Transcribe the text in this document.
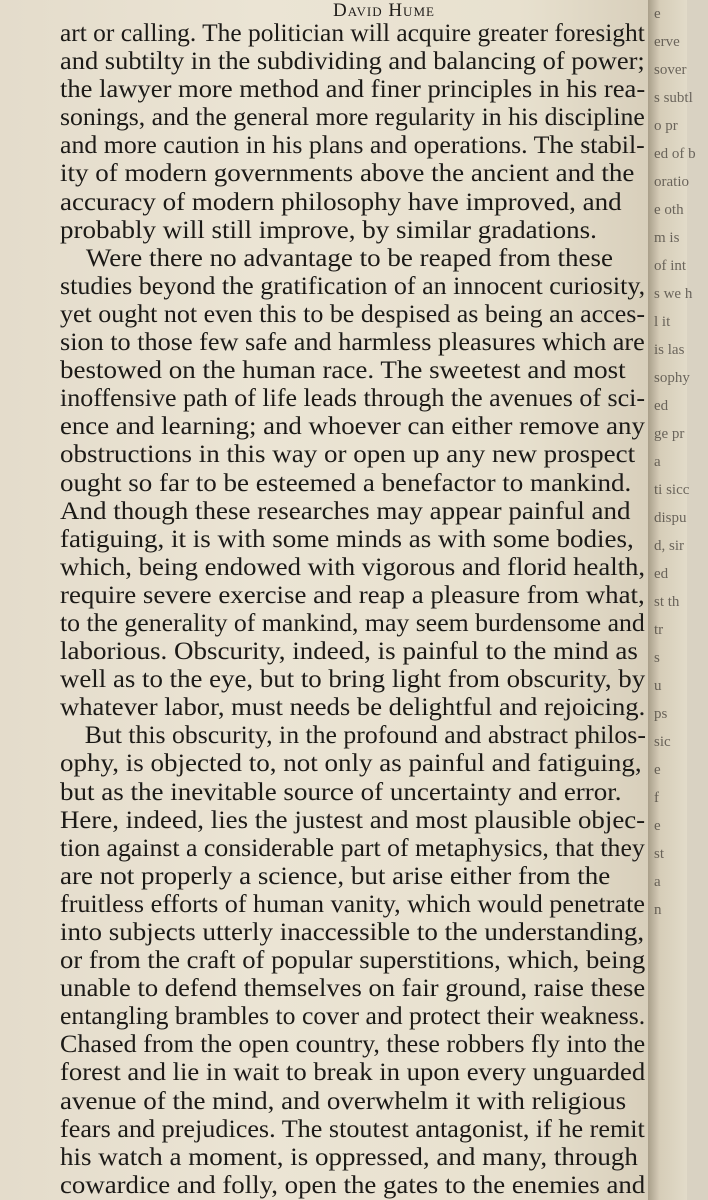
David Hume
art or calling. The politician will acquire greater foresight
and subtilty in the subdividing and balancing of power;
the lawyer more method and finer principles in his rea-
sonings, and the general more regularity in his discipline
and more caution in his plans and operations. The stabil-
ity of modern governments above the ancient and the
accuracy of modern philosophy have improved, and
probably will still improve, by similar gradations.
Were there no advantage to be reaped from these
studies beyond the gratification of an innocent curiosity,
yet ought not even this to be despised as being an acces-
sion to those few safe and harmless pleasures which are
bestowed on the human race. The sweetest and most
inoffensive path of life leads through the avenues of sci-
ence and learning; and whoever can either remove any
obstructions in this way or open up any new prospect
ought so far to be esteemed a benefactor to mankind.
And though these researches may appear painful and
fatiguing, it is with some minds as with some bodies,
which, being endowed with vigorous and florid health,
require severe exercise and reap a pleasure from what,
to the generality of mankind, may seem burdensome and
laborious. Obscurity, indeed, is painful to the mind as
well as to the eye, but to bring light from obscurity, by
whatever labor, must needs be delightful and rejoicing.
But this obscurity, in the profound and abstract philos-
ophy, is objected to, not only as painful and fatiguing,
but as the inevitable source of uncertainty and error.
Here, indeed, lies the justest and most plausible objec-
tion against a considerable part of metaphysics, that they
are not properly a science, but arise either from the
fruitless efforts of human vanity, which would penetrate
into subjects utterly inaccessible to the understanding,
or from the craft of popular superstitions, which, being
unable to defend themselves on fair ground, raise these
entangling brambles to cover and protect their weakness.
Chased from the open country, these robbers fly into the
forest and lie in wait to break in upon every unguarded
avenue of the mind, and overwhelm it with religious
fears and prejudices. The stoutest antagonist, if he remit
his watch a moment, is oppressed, and many, through
cowardice and folly, open the gates to the enemies and
e
erve
sover
s subtl
o pr
ed of b
oratio
e oth
m is
of int
s we h
l it
is las
sophy
ed
ge pr
a
ti sicc
dispu
d, sir
ed
st th
tr
s
u
ps
sic
e
f
e
st
a
n
